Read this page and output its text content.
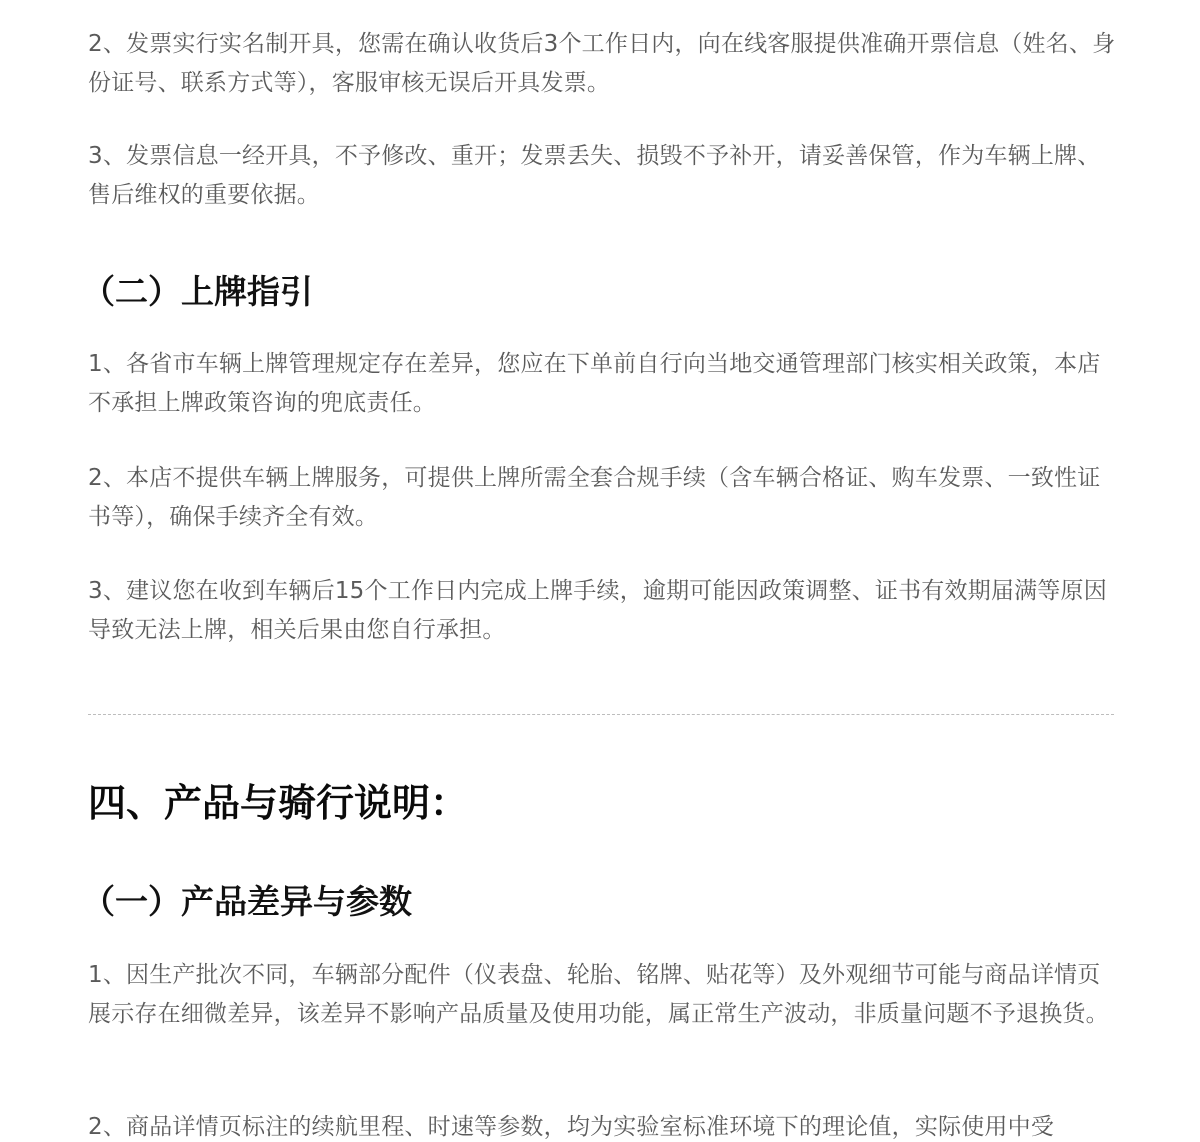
2、发票实行实名制开具，您需在确认收货后3个工作日内，向在线客服提供准确开票信息（姓名、身份证号、联系方式等），客服审核无误后开具发票。

3、发票信息一经开具，不予修改、重开；发票丢失、损毁不予补开，请妥善保管，作为车辆上牌、售后维权的重要依据。

（二）上牌指引

1、各省市车辆上牌管理规定存在差异，您应在下单前自行向当地交通管理部门核实相关政策，本店不承担上牌政策咨询的兜底责任。

2、本店不提供车辆上牌服务，可提供上牌所需全套合规手续（含车辆合格证、购车发票、一致性证书等），确保手续齐全有效。

3、建议您在收到车辆后15个工作日内完成上牌手续，逾期可能因政策调整、证书有效期届满等原因导致无法上牌，相关后果由您自行承担。

四、产品与骑行说明：
（一）产品差异与参数

1、因生产批次不同，车辆部分配件（仪表盘、轮胎、铭牌、贴花等）及外观细节可能与商品详情页展示存在细微差异，该差异不影响产品质量及使用功能，属正常生产波动，非质量问题不予退换货。

2、商品详情页标注的续航里程、时速等参数，均为实验室标准环境下的理论值，实际使用中受
